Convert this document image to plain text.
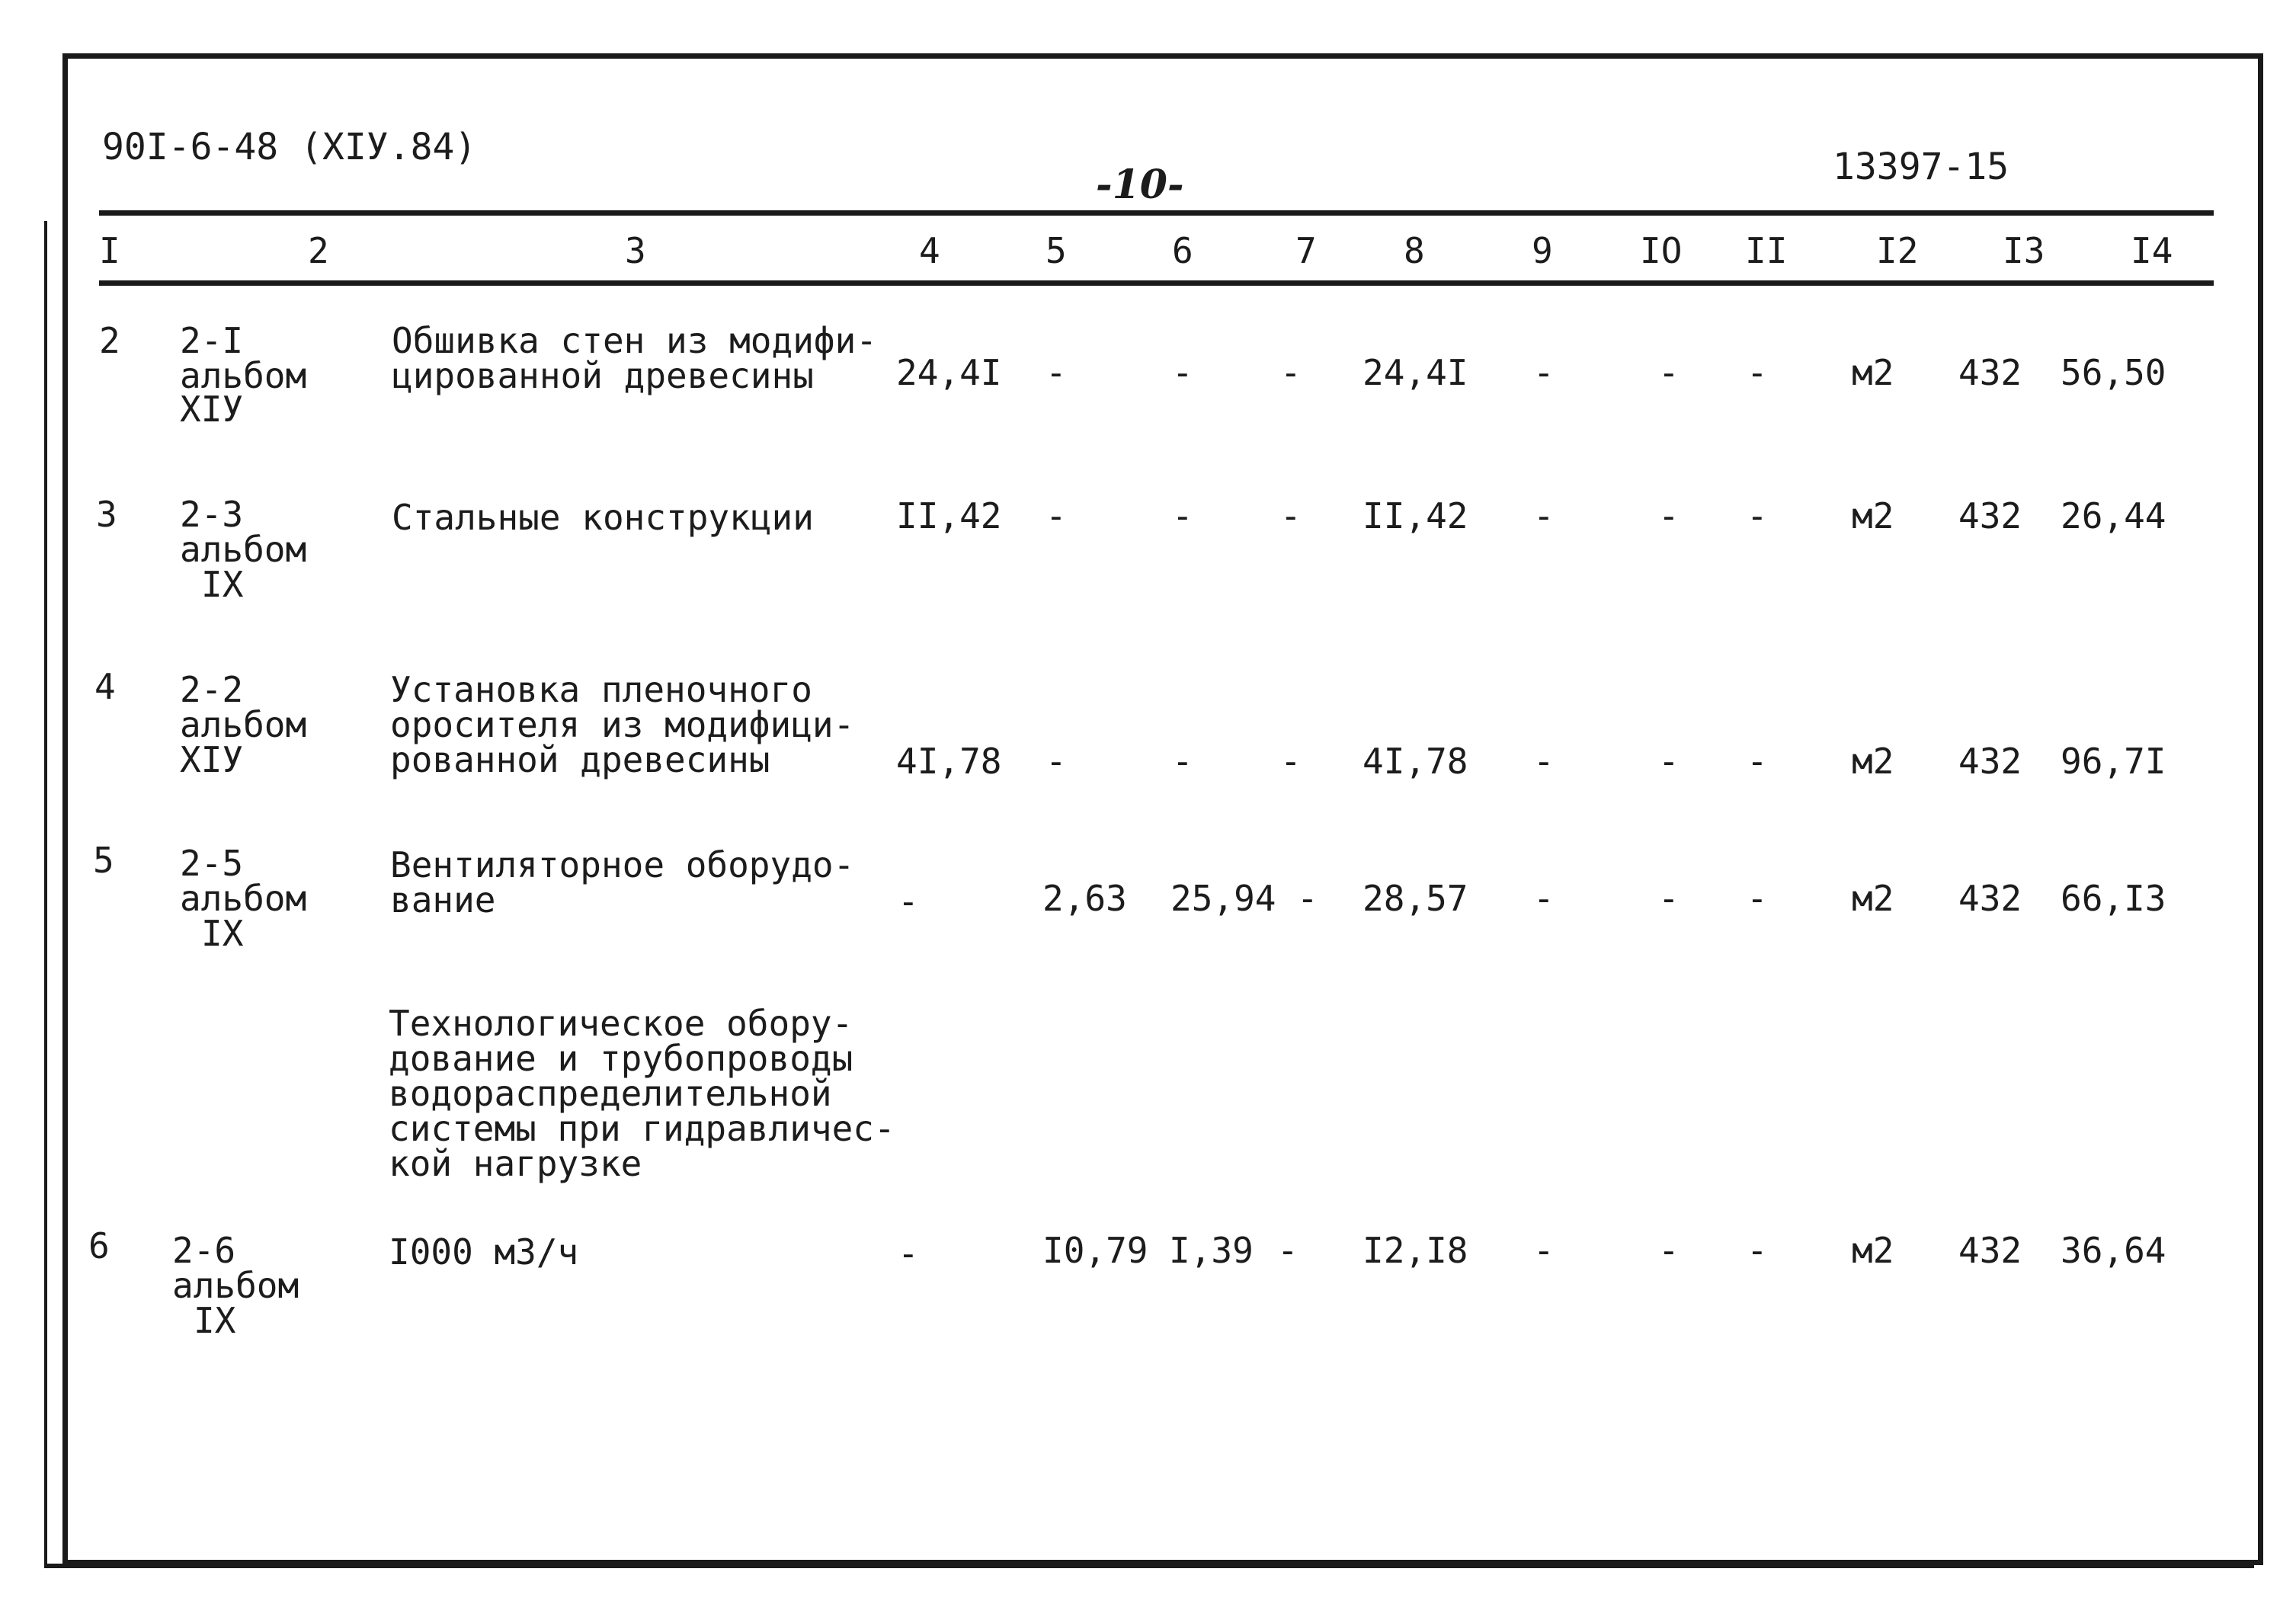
90I-6-48 (XIУ.84)
-10-	13397-15
I	2	3	4	5	6	7 8	9 IO II	I2 I3 I4
2 2-I
альбом
XIУ
Обшивка стен из модифи-
цированной древесины 24,4I -	- - 24,4I -	- - м2 432 56,50
3 2-3
альбом
IX
Стальные конструкции II,42 -	- - II,42 -	- - м2 432 26,44
4 2-2
альбом
XIУ
Установка пленочного
оросителя из модифици-
рованной древесины	4I,78 -	- - 4I,78 -	- - м2 432 96,7I
5 2-5
альбом
IX
Вентиляторное оборудо-
вание	-	2,63 25,94 - 28,57 -	- - м2 432 66,I3
Технологическое обору-
дование и трубопроводы
водораспределительной
системы при гидравличес-
кой нагрузке
6 2-6
альбом
IX
I000 м3/ч	-	I0,79 I,39 - I2,I8 -	- - м2 432 36,64
